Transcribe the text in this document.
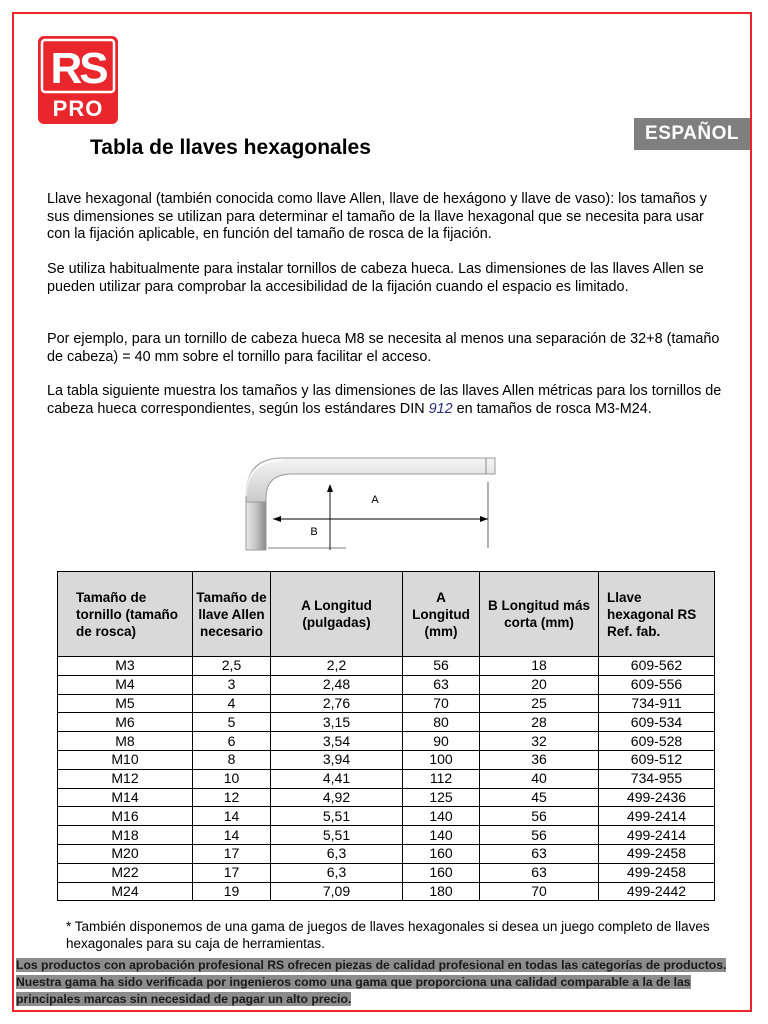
RS
PRO
ESPAÑOL
Tabla de llaves hexagonales

Llave hexagonal (también conocida como llave Allen, llave de hexágono y llave de vaso): los tamaños y sus dimensiones se utilizan para determinar el tamaño de la llave hexagonal que se necesita para usar con la fijación aplicable, en función del tamaño de rosca de la fijación.

Se utiliza habitualmente para instalar tornillos de cabeza hueca. Las dimensiones de las llaves Allen se pueden utilizar para comprobar la accesibilidad de la fijación cuando el espacio es limitado.

Por ejemplo, para un tornillo de cabeza hueca M8 se necesita al menos una separación de 32+8 (tamaño de cabeza) = 40 mm sobre el tornillo para facilitar el acceso.

La tabla siguiente muestra los tamaños y las dimensiones de las llaves Allen métricas para los tornillos de cabeza hueca correspondientes, según los estándares DIN 912 en tamaños de rosca M3-M24.

A
B
Tamaño de tornillo (tamaño de rosca)	Tamaño de llave Allen necesario	A Longitud (pulgadas)	A Longitud (mm)	B Longitud más corta (mm)	Llave hexagonal RS Ref. fab.
M3	2,5	2,2	56	18	609-562
M4	3	2,48	63	20	609-556
M5	4	2,76	70	25	734-911
M6	5	3,15	80	28	609-534
M8	6	3,54	90	32	609-528
M10	8	3,94	100	36	609-512
M12	10	4,41	112	40	734-955
M14	12	4,92	125	45	499-2436
M16	14	5,51	140	56	499-2414
M18	14	5,51	140	56	499-2414
M20	17	6,3	160	63	499-2458
M22	17	6,3	160	63	499-2458
M24	19	7,09	180	70	499-2442

* También disponemos de una gama de juegos de llaves hexagonales si desea un juego completo de llaves hexagonales para su caja de herramientas.

Los productos con aprobación profesional RS ofrecen piezas de calidad profesional en todas las categorías de productos. Nuestra gama ha sido verificada por ingenieros como una gama que proporciona una calidad comparable a la de las principales marcas sin necesidad de pagar un alto precio.
